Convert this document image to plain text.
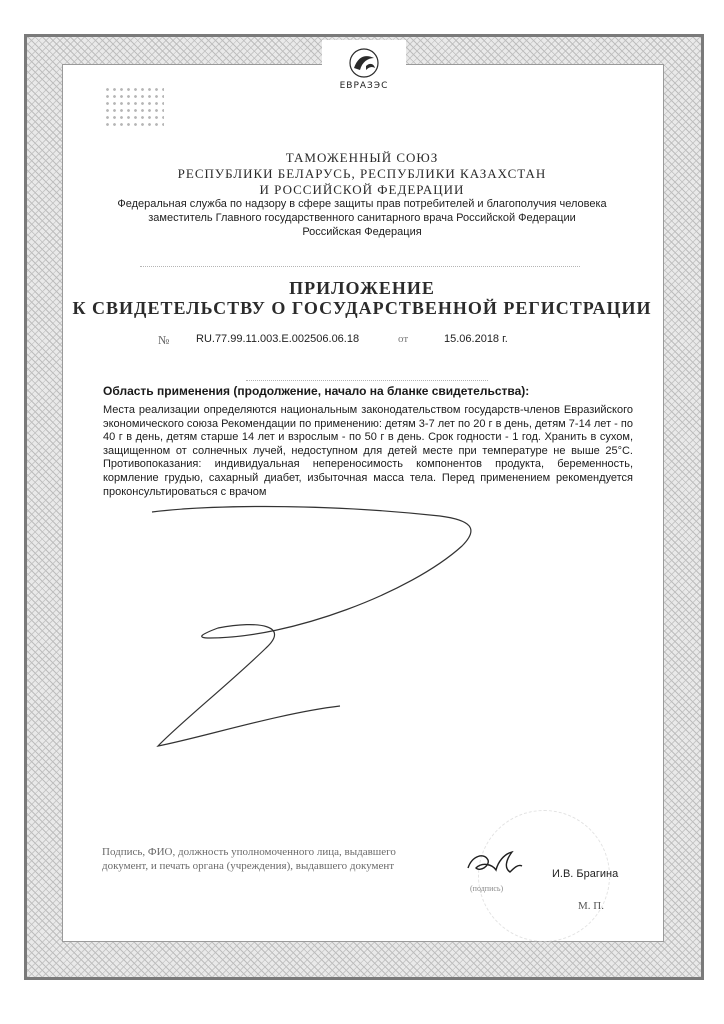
ЕВРАЗЭС
ТАМОЖЕННЫЙ СОЮЗ
РЕСПУБЛИКИ БЕЛАРУСЬ, РЕСПУБЛИКИ КАЗАХСТАН
И РОССИЙСКОЙ ФЕДЕРАЦИИ
Федеральная служба по надзору в сфере защиты прав потребителей и благополучия человека
заместитель Главного государственного санитарного врача Российской Федерации
Российская Федерация
ПРИЛОЖЕНИЕ
К СВИДЕТЕЛЬСТВУ О ГОСУДАРСТВЕННОЙ РЕГИСТРАЦИИ
№ RU.77.99.11.003.Е.002506.06.18	от	15.06.2018 г.
Область применения (продолжение, начало на бланке свидетельства):
Места реализации определяются национальным законодательством государств-членов Евразийского экономического союза Рекомендации по применению: детям 3-7 лет по 20 г в день, детям 7-14 лет - по 40 г в день, детям старше 14 лет и взрослым - по 50 г в день. Срок годности - 1 год. Хранить в сухом, защищенном от солнечных лучей, недоступном для детей месте при температуре не выше 25°С. Противопоказания: индивидуальная непереносимость компонентов продукта, беременность, кормление грудью, сахарный диабет, избыточная масса тела. Перед применением рекомендуется проконсультироваться с врачом
Подпись, ФИО, должность уполномоченного лица, выдавшего документ, и печать органа (учреждения), выдавшего документ
(подпись)
И.В. Брагина
М. П.
